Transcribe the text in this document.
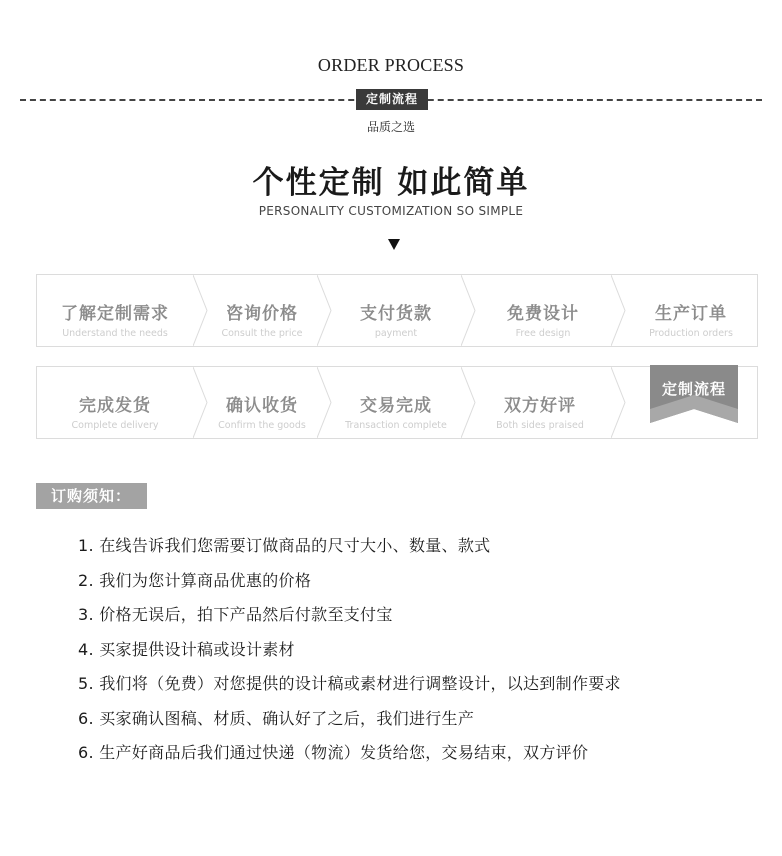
ORDER PROCESS
定制流程
品质之选
个性定制 如此简单
PERSONALITY CUSTOMIZATION SO SIMPLE
了解定制需求
Understand the needs
咨询价格
Consult the price
支付货款
payment
免费设计
Free design
生产订单
Production orders
完成发货
Complete delivery
确认收货
Confirm the goods
交易完成
Transaction complete
双方好评
Both sides praised
定制流程
订购须知：
1. 在线告诉我们您需要订做商品的尺寸大小、数量、款式
2. 我们为您计算商品优惠的价格
3. 价格无误后，拍下产品然后付款至支付宝
4. 买家提供设计稿或设计素材
5. 我们将（免费）对您提供的设计稿或素材进行调整设计，以达到制作要求
6. 买家确认图稿、材质、确认好了之后，我们进行生产
6. 生产好商品后我们通过快递（物流）发货给您，交易结束，双方评价
